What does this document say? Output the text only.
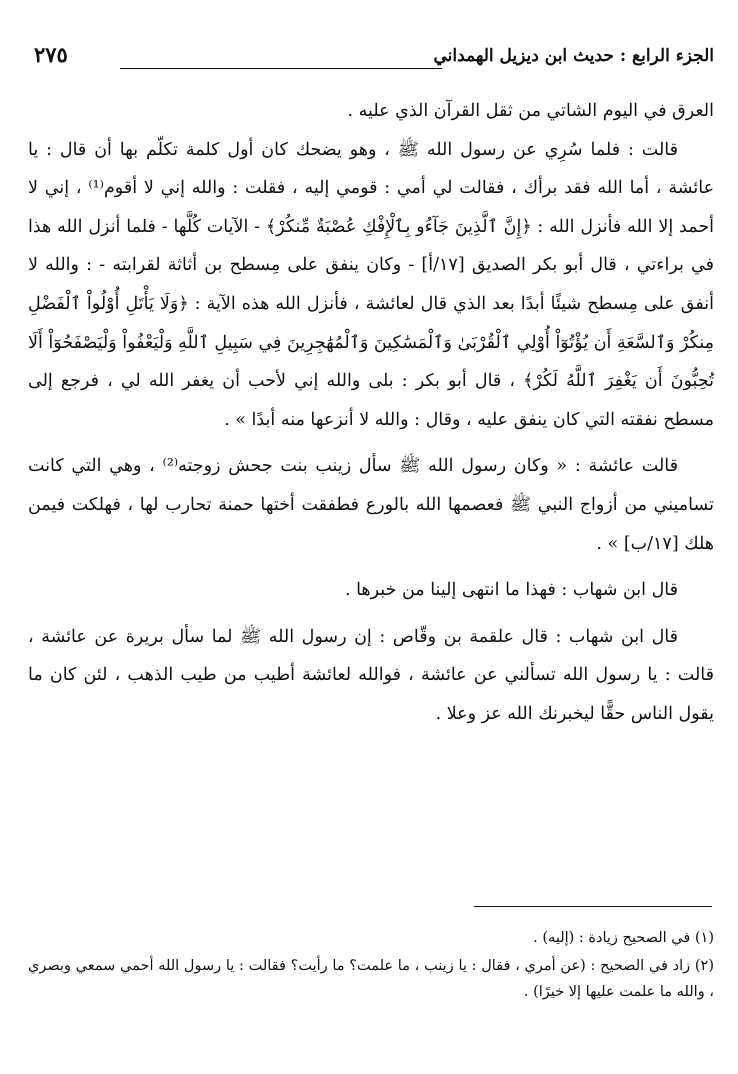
الجزء الرابع : حديث ابن ديزيل الهمداني
٢٧٥

العرق في اليوم الشاتي من ثقل القرآن الذي عليه .

قالت : فلما سُرِي عن رسول الله ﷺ ، وهو يضحك كان أول كلمة تكلّم بها أن قال : يا عائشة ، أما الله فقد برأك ، فقالت لي أمي : قومي إليه ، فقلت : والله إني لا أقوم⁽¹⁾ ، إني لا أحمد إلا الله فأنزل الله : ﴿إِنَّ ٱلَّذِينَ جَآءُو بِٱلْإِفْكِ عُصْبَةٌ مِّنكُرْ﴾ - الآيات كُلَّها - فلما أنزل الله هذا في براءتي ، قال أبو بكر الصديق [١٧/أ] - وكان ينفق على مِسطح بن أثاثة لقرابته - : والله لا أنفق على مِسطح شيئًا أبدًا بعد الذي قال لعائشة ، فأنزل الله هذه الآية : ﴿وَلَا يَأْتَلِ أُوْلُواْ ٱلْفَضْلِ مِنكُرْ وَٱلسَّعَةِ أَن يُؤْتُوٓاْ أُوْلِي ٱلْقُرْبَىٰ وَٱلْمَسَٰكِينَ وَٱلْمُهَٰجِرِينَ فِي سَبِيلِ ٱللَّهِ وَلْيَعْفُواْ وَلْيَصْفَحُوٓاْ أَلَا تُحِبُّونَ أَن يَغْفِرَ ٱللَّهُ لَكُرْ﴾ ، قال أبو بكر : بلى والله إني لأحب أن يغفر الله لي ، فرجع إلى مسطح نفقته التي كان ينفق عليه ، وقال : والله لا أنزعها منه أبدًا » .

قالت عائشة : « وكان رسول الله ﷺ سأل زينب بنت جحش زوجته⁽²⁾ ، وهي التي كانت تساميني من أزواج النبي ﷺ فعصمها الله بالورع فطفقت أختها حمنة تحارب لها ، فهلكت فيمن هلك [١٧/ب] » .

قال ابن شهاب : فهذا ما انتهى إلينا من خبرها .

قال ابن شهاب : قال علقمة بن وقّاص : إن رسول الله ﷺ لما سأل بريرة عن عائشة ، قالت : يا رسول الله تسألني عن عائشة ، فوالله لعائشة أطيب من طيب الذهب ، لئن كان ما يقول الناس حقًّا ليخبرنك الله عز وعلا .

(١) في الصحيح زيادة : (إليه) .

(٢) زاد في الصحيح : (عن أمري ، فقال : يا زينب ، ما علمت؟ ما رأيت؟ فقالت : يا رسول الله أحمي سمعي وبصري ، والله ما علمت عليها إلا خيرًا) .
